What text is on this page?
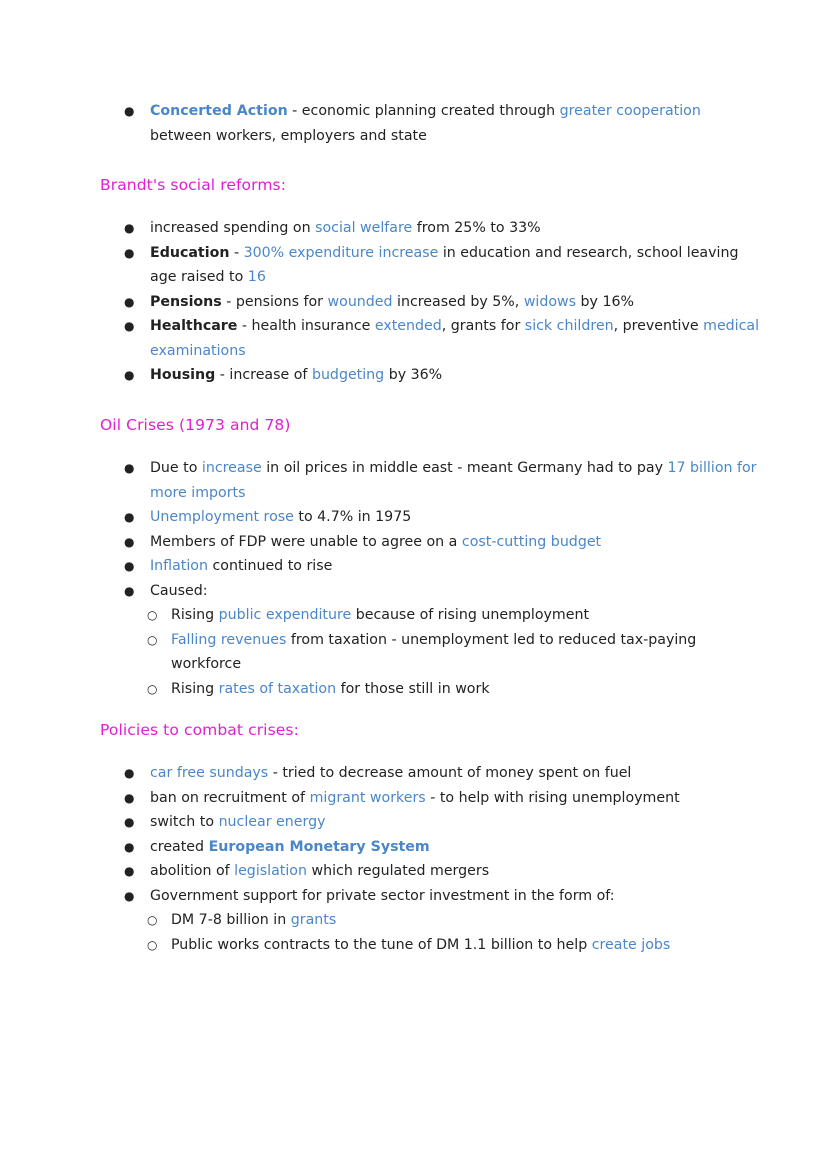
● Concerted Action - economic planning created through greater cooperation between workers, employers and state
Brandt's social reforms:
● increased spending on social welfare from 25% to 33%
● Education - 300% expenditure increase in education and research, school leaving age raised to 16
● Pensions - pensions for wounded increased by 5%, widows by 16%
● Healthcare - health insurance extended, grants for sick children, preventive medical examinations
● Housing - increase of budgeting by 36%
Oil Crises (1973 and 78)
● Due to increase in oil prices in middle east - meant Germany had to pay 17 billion for more imports
● Unemployment rose to 4.7% in 1975
● Members of FDP were unable to agree on a cost-cutting budget
● Inflation continued to rise
● Caused:
○ Rising public expenditure because of rising unemployment
○ Falling revenues from taxation - unemployment led to reduced tax-paying workforce
○ Rising rates of taxation for those still in work
Policies to combat crises:
● car free sundays - tried to decrease amount of money spent on fuel
● ban on recruitment of migrant workers - to help with rising unemployment
● switch to nuclear energy
● created European Monetary System
● abolition of legislation which regulated mergers
● Government support for private sector investment in the form of:
○ DM 7-8 billion in grants
○ Public works contracts to the tune of DM 1.1 billion to help create jobs
